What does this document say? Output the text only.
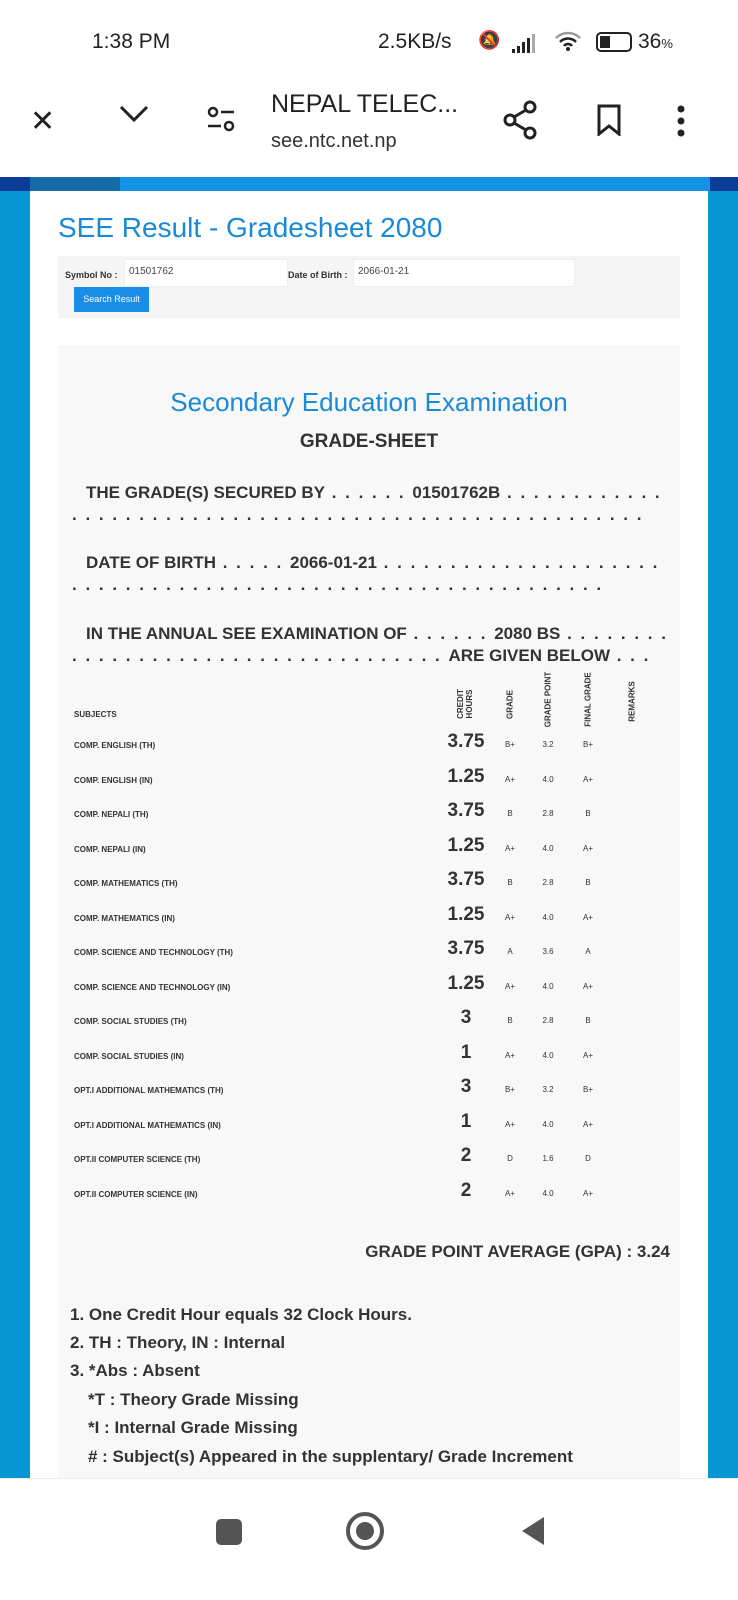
1:38 PM	2.5KB/s 🔕	36%
✕
NEPAL TELEC...
see.ntc.net.np
SEE Result - Gradesheet 2080
Symbol No :	01501762	Date of Birth :	2066-01-21
Search Result
Secondary Education Examination
GRADE-SHEET
THE GRADE(S) SECURED BY . . . . . . 01501762B . . . . . . . . . . . . . . . . . . . . . . . . . . . . . . . . . . . . . . . . . . . . . . . . . . . . . . .
DATE OF BIRTH . . . . . 2066-01-21 . . . . . . . . . . . . . . . . . . . . . . . . . . . . . . . . . . . . . . . . . . . . . . . . . . . . . . . . . . . . .
IN THE ANNUAL SEE EXAMINATION OF . . . . . . 2080 BS . . . . . . . . . . . . . . . . . . . . . . . . . . . . . . . . . . . . ARE GIVEN BELOW . . .
SUBJECTS	CREDIT HOURS	GRADE	GRADE POINT	FINAL GRADE	REMARKS
COMP. ENGLISH (TH)	3.75	B+	3.2	B+
COMP. ENGLISH (IN)	1.25	A+	4.0	A+
COMP. NEPALI (TH)	3.75	B	2.8	B
COMP. NEPALI (IN)	1.25	A+	4.0	A+
COMP. MATHEMATICS (TH)	3.75	B	2.8	B
COMP. MATHEMATICS (IN)	1.25	A+	4.0	A+
COMP. SCIENCE AND TECHNOLOGY (TH)	3.75	A	3.6	A
COMP. SCIENCE AND TECHNOLOGY (IN)	1.25	A+	4.0	A+
COMP. SOCIAL STUDIES (TH)	3	B	2.8	B
COMP. SOCIAL STUDIES (IN)	1	A+	4.0	A+
OPT.I ADDITIONAL MATHEMATICS (TH)	3	B+	3.2	B+
OPT.I ADDITIONAL MATHEMATICS (IN)	1	A+	4.0	A+
OPT.II COMPUTER SCIENCE (TH)	2	D	1.6	D
OPT.II COMPUTER SCIENCE (IN)	2	A+	4.0	A+
GRADE POINT AVERAGE (GPA) : 3.24
1. One Credit Hour equals 32 Clock Hours.
2. TH : Theory, IN : Internal
3. *Abs : Absent
*T : Theory Grade Missing
*I : Internal Grade Missing
# : Subject(s) Appeared in the supplentary/ Grade Increment
